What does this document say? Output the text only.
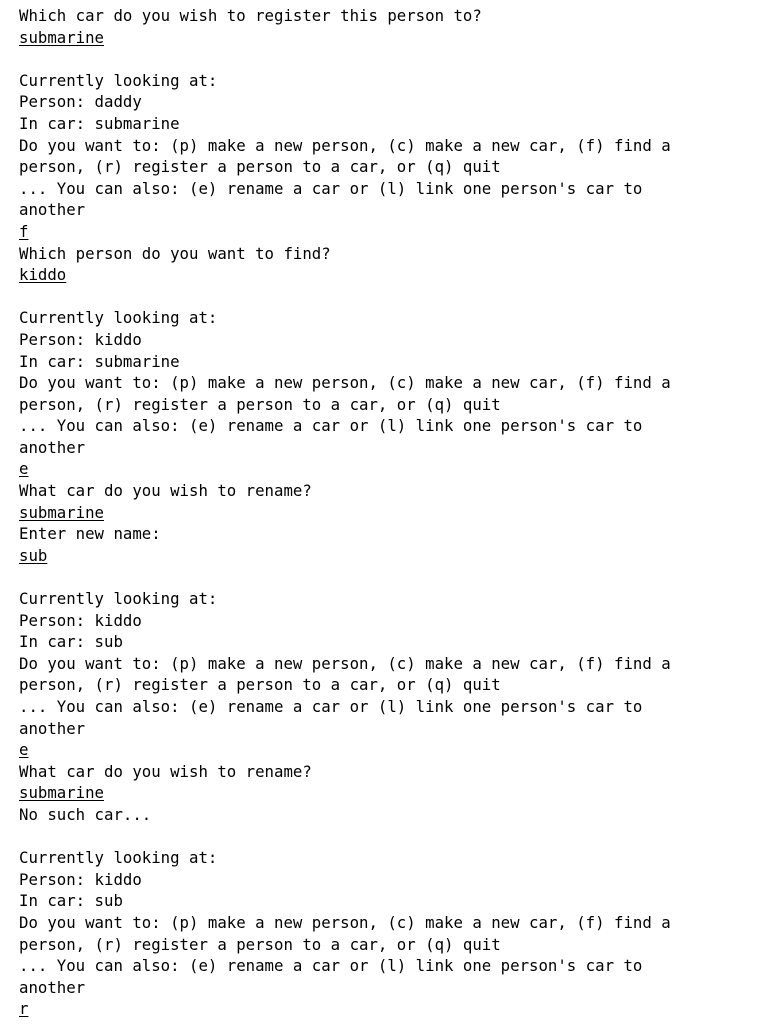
Which car do you wish to register this person to?
submarine
Currently looking at:
Person: daddy
In car: submarine
Do you want to: (p) make a new person, (c) make a new car, (f) find a
person, (r) register a person to a car, or (q) quit
... You can also: (e) rename a car or (l) link one person's car to
another
f
Which person do you want to find?
kiddo
Currently looking at:
Person: kiddo
In car: submarine
Do you want to: (p) make a new person, (c) make a new car, (f) find a
person, (r) register a person to a car, or (q) quit
... You can also: (e) rename a car or (l) link one person's car to
another
e
What car do you wish to rename?
submarine
Enter new name:
sub
Currently looking at:
Person: kiddo
In car: sub
Do you want to: (p) make a new person, (c) make a new car, (f) find a
person, (r) register a person to a car, or (q) quit
... You can also: (e) rename a car or (l) link one person's car to
another
e
What car do you wish to rename?
submarine
No such car...
Currently looking at:
Person: kiddo
In car: sub
Do you want to: (p) make a new person, (c) make a new car, (f) find a
person, (r) register a person to a car, or (q) quit
... You can also: (e) rename a car or (l) link one person's car to
another
r
